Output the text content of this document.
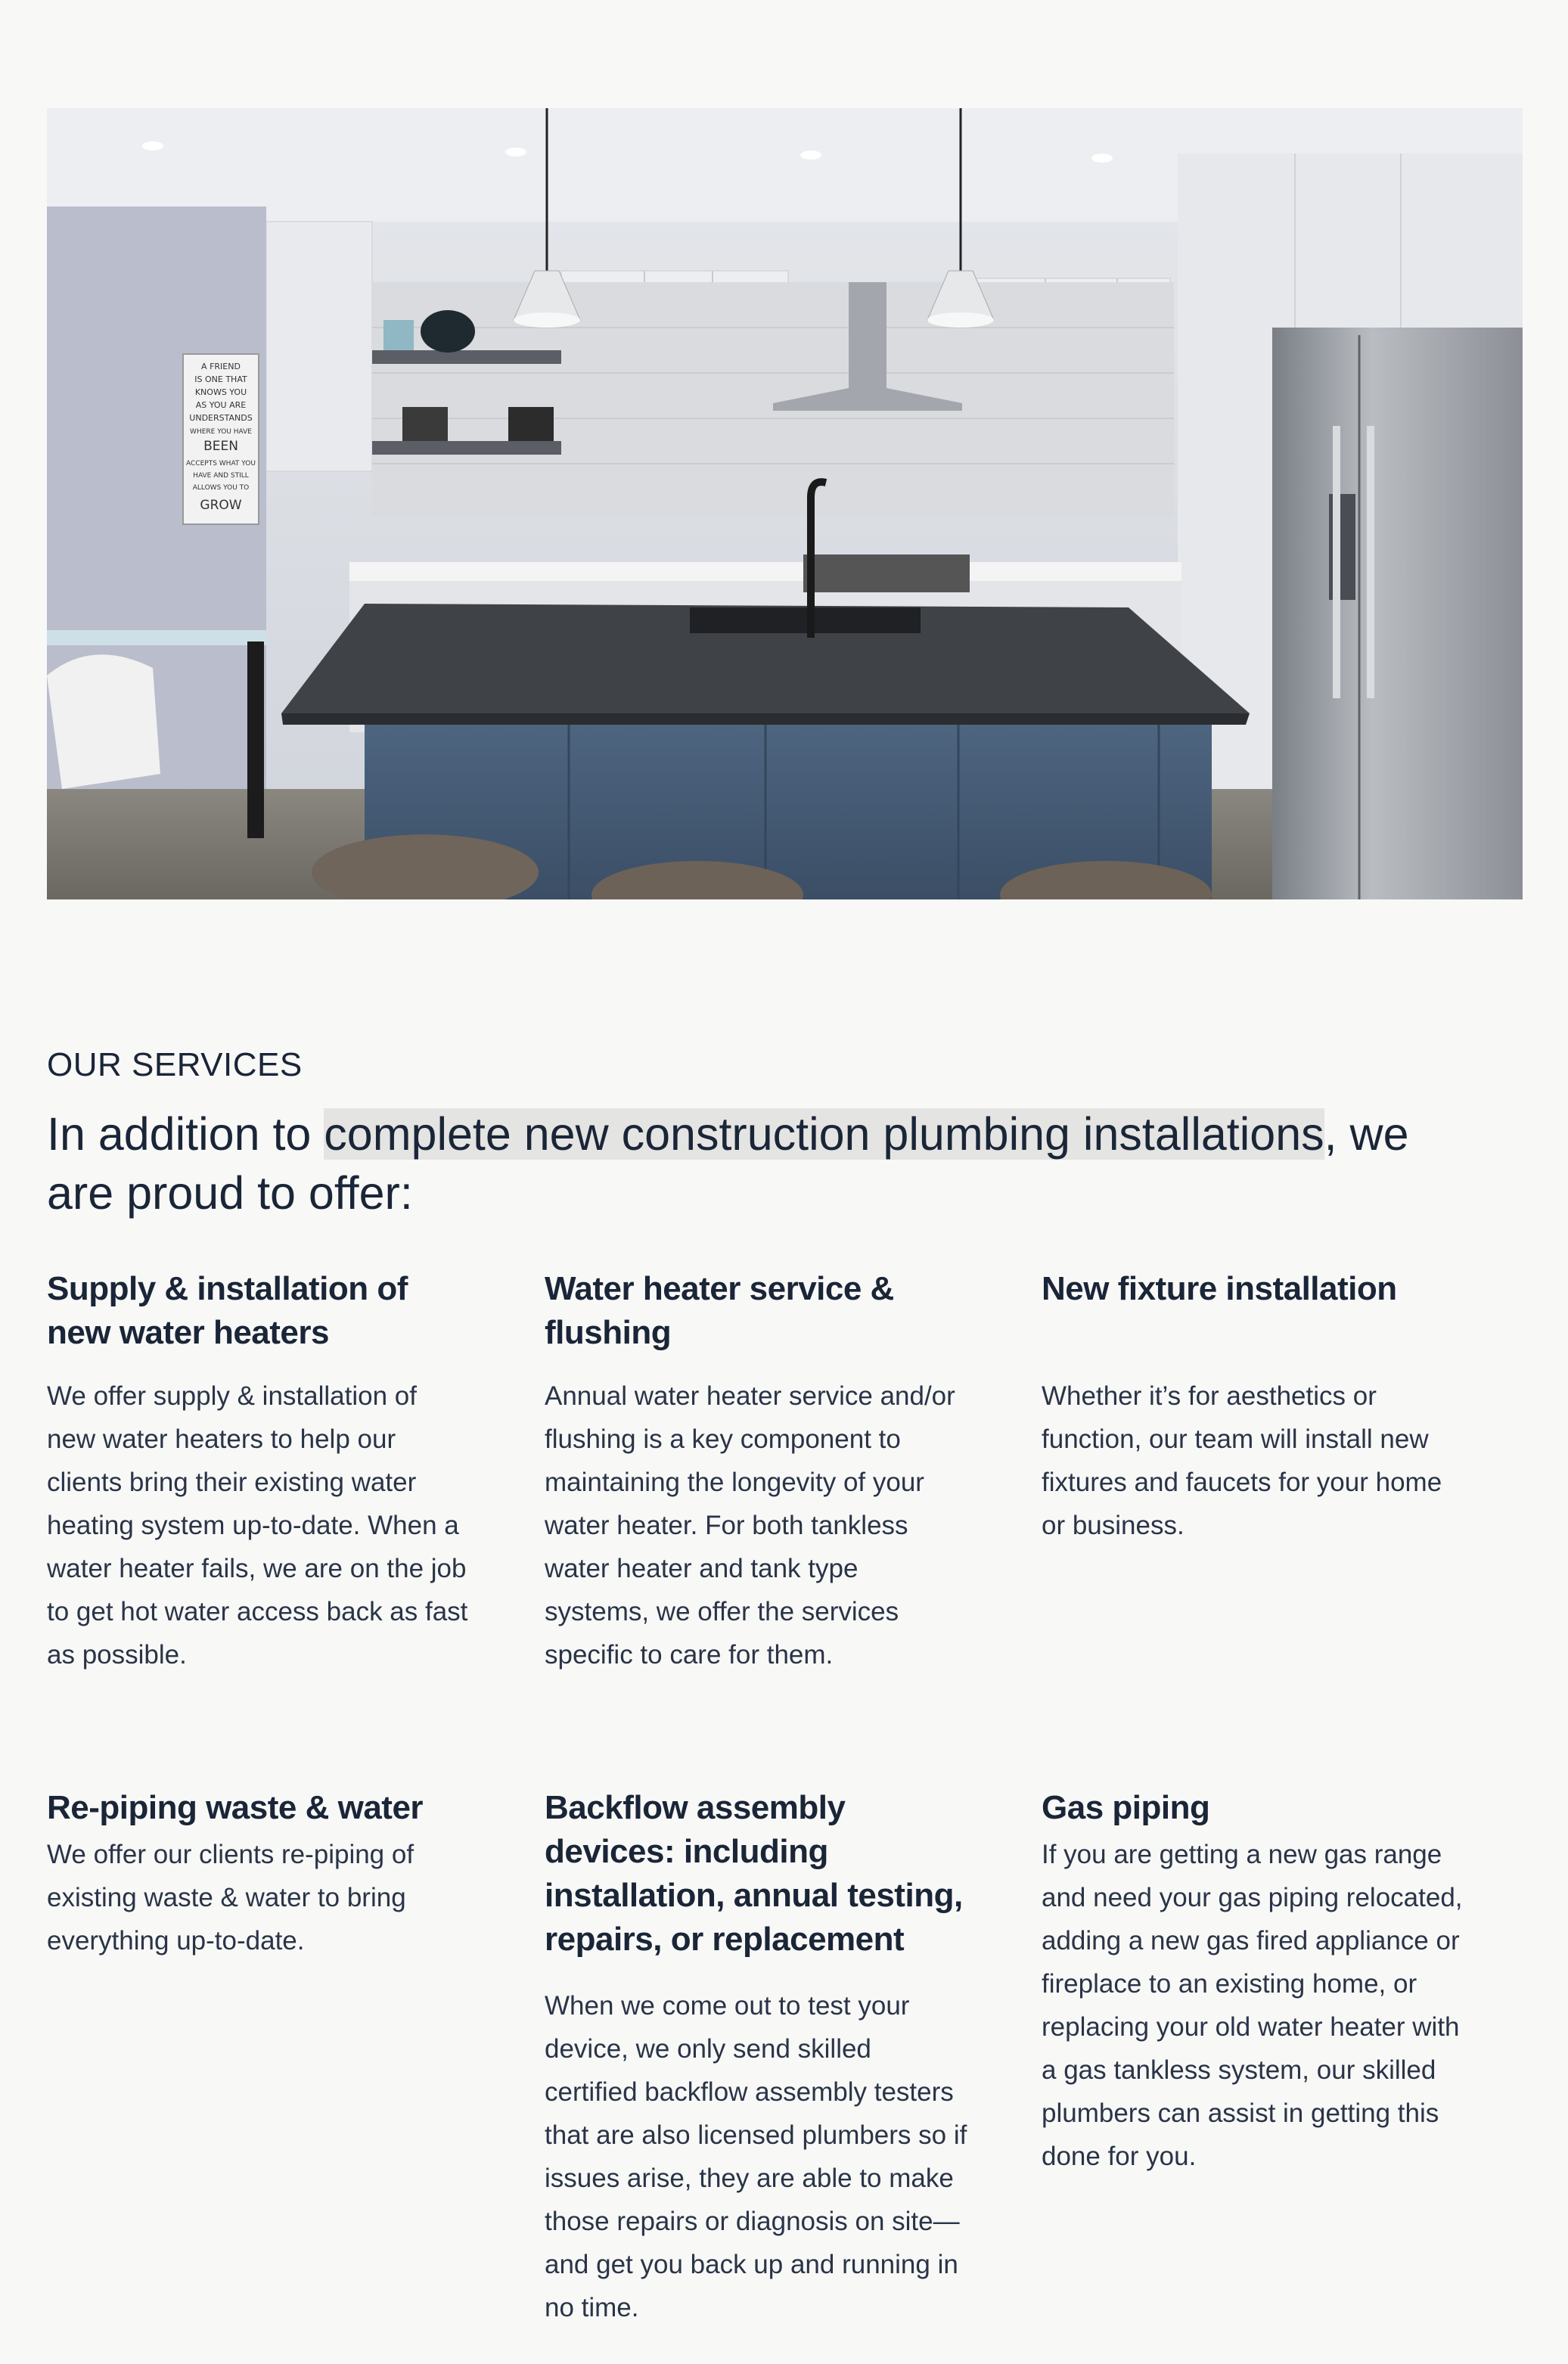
A FRIEND
IS ONE THAT
KNOWS YOU
AS YOU ARE
UNDERSTANDS
WHERE YOU HAVE
BEEN
ACCEPTS WHAT YOU
HAVE AND STILL
ALLOWS YOU TO
GROW
OUR SERVICES
In addition to complete new construction plumbing installations, we are proud to offer:
Supply & installation of new water heaters

We offer supply & installation of new water heaters to help our clients bring their existing water heating system up-to-date. When a water heater fails, we are on the job to get hot water access back as fast as possible.

Water heater service & flushing

Annual water heater service and/or flushing is a key component to maintaining the longevity of your water heater. For both tankless water heater and tank type systems, we offer the services specific to care for them.

New fixture installation

Whether it’s for aesthetics or function, our team will install new fixtures and faucets for your home or business.

Re-piping waste & water

We offer our clients re-piping of existing waste & water to bring everything up-to-date.

Backflow assembly devices: including installation, annual testing, repairs, or replacement

When we come out to test your device, we only send skilled certified backflow assembly testers that are also licensed plumbers so if issues arise, they are able to make those repairs or diagnosis on site—and get you back up and running in no time.

Gas piping

If you are getting a new gas range and need your gas piping relocated, adding a new gas fired appliance or fireplace to an existing home, or replacing your old water heater with a gas tankless system, our skilled plumbers can assist in getting this done for you.
